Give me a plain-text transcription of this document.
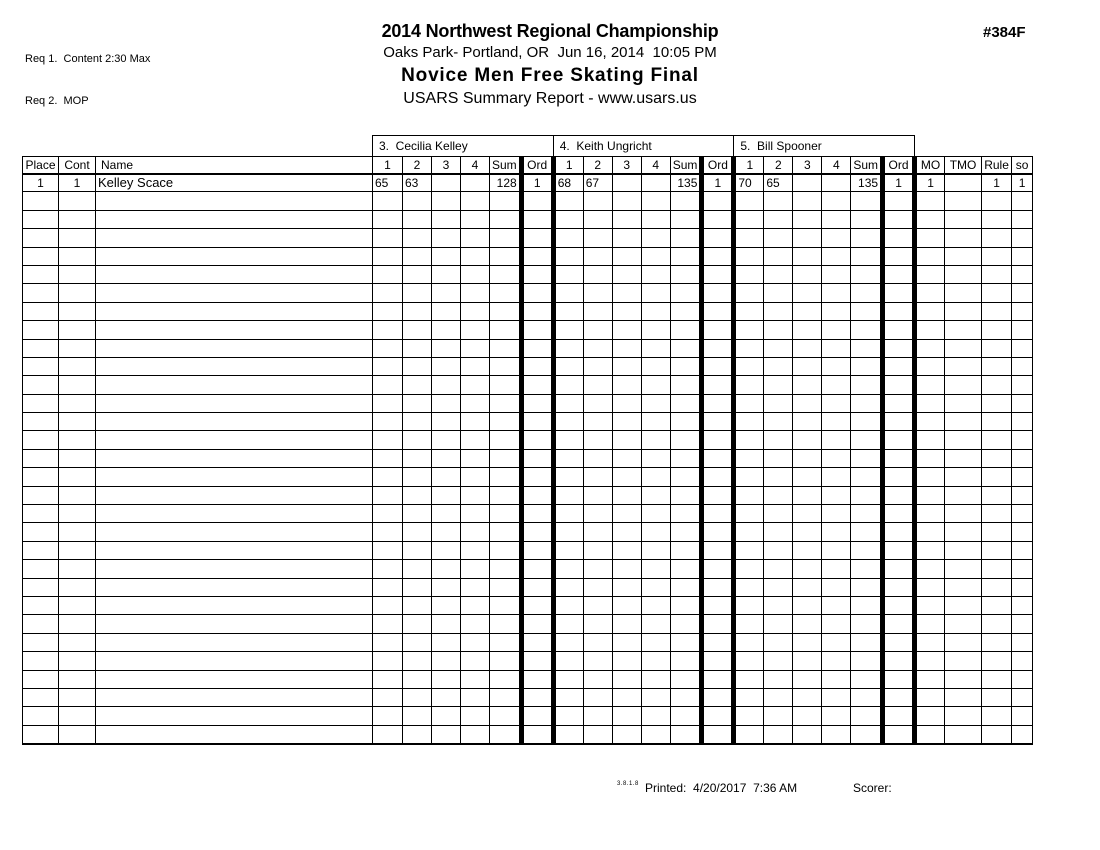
Req 1.  Content 2:30 Max

Req 2.  MOP

2014 Northwest Regional Championship
Oaks Park- Portland, OR  Jun 16, 2014  10:05 PM
Novice Men Free Skating Final
USARS Summary Report - www.usars.us
#384F
			3.  Cecilia Kelley						4.  Keith Ungricht						5.  Bill Spooner									
Place	Cont	Name	1	2	3	4	Sum	Ord	1	2	3	4	Sum	Ord	1	2	3	4	Sum	Ord	MO	TMO	Rule	so
1	1	Kelley Scace	65	63			128	1	68	67			135	1	70	65			135	1	1		1	1

3.8.1.8 Printed:  4/20/2017  7:36 AM	Scorer:
